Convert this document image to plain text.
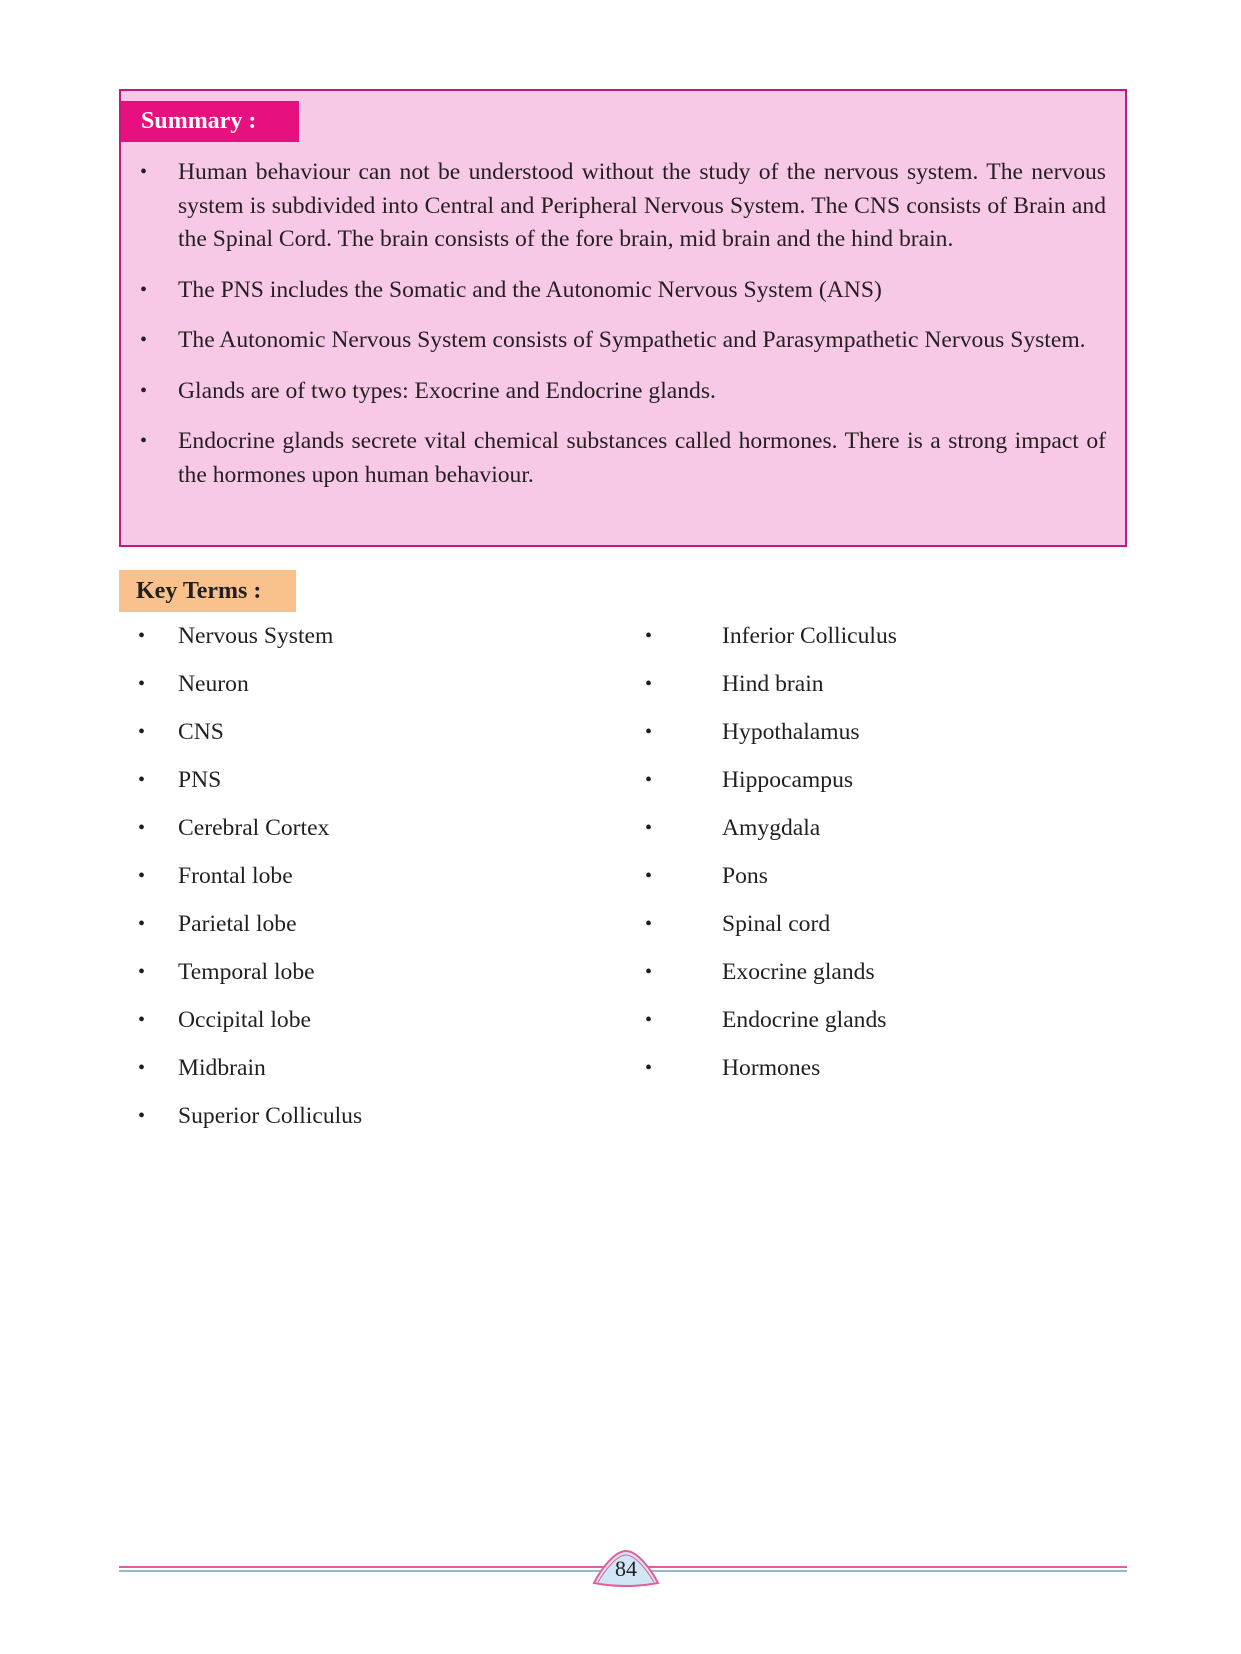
Summary :
• Human behaviour can not be understood without the study of the nervous system. The nervous system is subdivided into Central and Peripheral Nervous System. The CNS consists of Brain and the Spinal Cord. The brain consists of the fore brain, mid brain and the hind brain.
• The PNS includes the Somatic and the Autonomic Nervous System (ANS)
• The Autonomic Nervous System consists of Sympathetic and Parasympathetic Nervous System.
• Glands are of two types: Exocrine and Endocrine glands.
• Endocrine glands secrete vital chemical substances called hormones. There is a strong impact of the hormones upon human behaviour.
Key Terms :
• Nervous System
• Neuron
• CNS
• PNS
• Cerebral Cortex
• Frontal lobe
• Parietal lobe
• Temporal lobe
• Occipital lobe
• Midbrain
• Superior Colliculus
•	Inferior Colliculus
•	Hind brain
•	Hypothalamus
•	Hippocampus
•	Amygdala
•	Pons
•	Spinal cord
•	Exocrine glands
•	Endocrine glands
•	Hormones
84
